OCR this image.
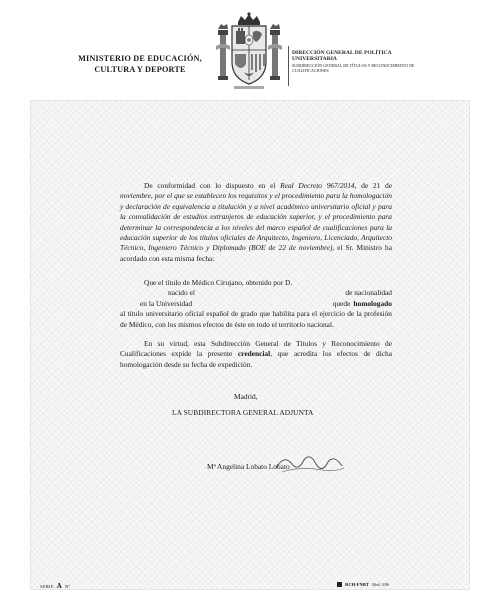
MINISTERIO DE EDUCACIÓN,
CULTURA Y DEPORTE
DIRECCIÓN GENERAL DE POLÍTICA
UNIVERSITARIA
SUBDIRECCIÓN GENERAL DE TÍTULOS Y RECONOCIMIENTO DE
CUALIFICACIONES
De conformidad con lo dispuesto en el Real Decreto 967/2014, de 21 de noviembre, por el que se establecen los requisitos y el procedimiento para la homologación y declaración de equivalencia a titulación y a nivel académico universitario oficial y para la convalidación de estudios extranjeros de educación superior, y el procedimiento para determinar la correspondencia a los niveles del marco español de cualificaciones para la educación superior de los títulos oficiales de Arquitecto, Ingeniero, Licenciado, Arquitecto Técnico, Ingeniero Técnico y Diplomado (BOE de 22 de noviembre), el Sr. Ministro ha acordado con esta misma fecha:
Que el título de Médico Cirujano, obtenido por D.
nacido el	de nacionalidad
en la Universidad	quede homologado
al título universitario oficial español de grado que habilita para el ejercicio de la profesión de Médico, con los mismos efectos de éste en todo el territorio nacional.
En su virtud, esta Subdirección General de Títulos y Reconocimiento de Cualificaciones expide la presente credencial, que acredita los efectos de dicha homologación desde su fecha de expedición.
Madrid,
LA SUBDIRECTORA GENERAL ADJUNTA
Mª Angelina Lobato Lobato
SERIE A Nº	RCH-FNRT Mod. 3/06
